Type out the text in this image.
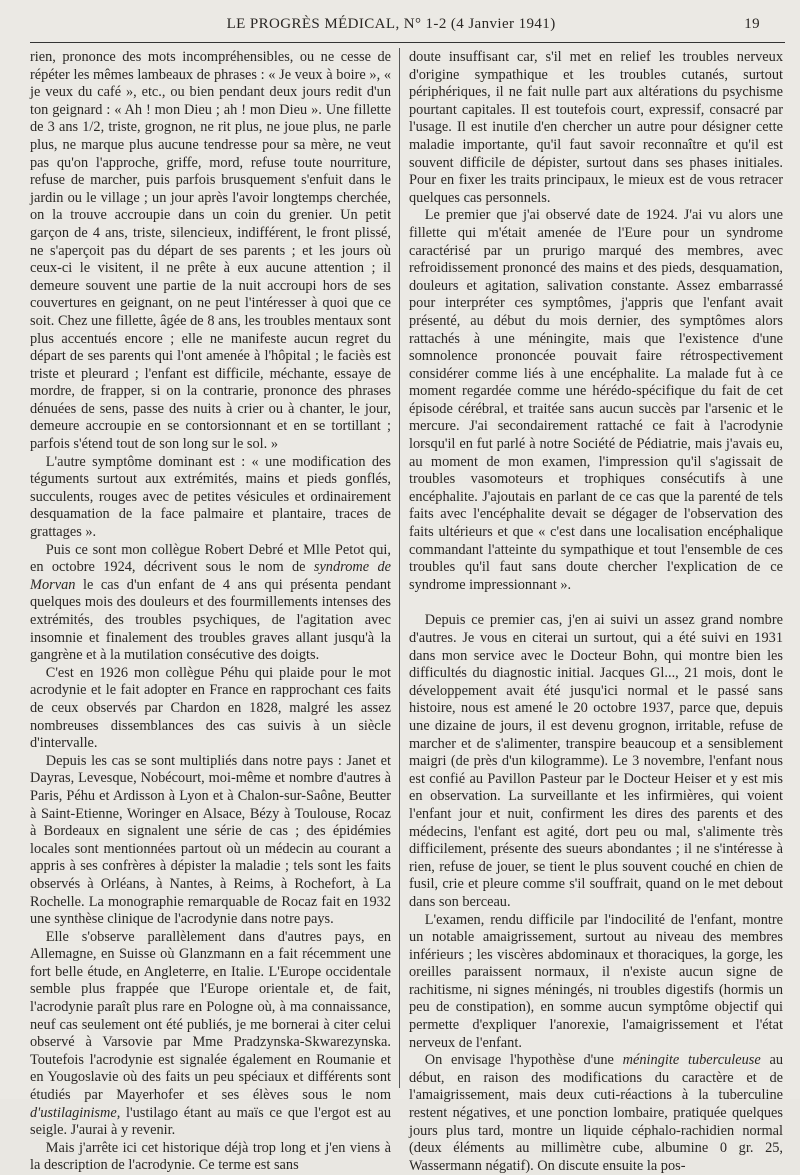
LE PROGRÈS MÉDICAL, N° 1-2 (4 Janvier 1941)	19

rien, prononce des mots incompréhensibles, ou ne cesse de répéter les mêmes lambeaux de phrases : « Je veux à boire », « je veux du café », etc., ou bien pendant deux jours redit d'un ton geignard : « Ah ! mon Dieu ; ah ! mon Dieu ». Une fillette de 3 ans 1/2, triste, grognon, ne rit plus, ne joue plus, ne parle plus, ne marque plus aucune tendresse pour sa mère, ne veut pas qu'on l'approche, griffe, mord, refuse toute nourriture, refuse de marcher, puis parfois brusquement s'enfuit dans le jardin ou le village ; un jour après l'avoir longtemps cherchée, on la trouve accroupie dans un coin du grenier. Un petit garçon de 4 ans, triste, silencieux, indifférent, le front plissé, ne s'aperçoit pas du départ de ses parents ; et les jours où ceux-ci le visitent, il ne prête à eux aucune attention ; il demeure souvent une partie de la nuit accroupi hors de ses couvertures en geignant, on ne peut l'intéresser à quoi que ce soit. Chez une fillette, âgée de 8 ans, les troubles mentaux sont plus accentués encore ; elle ne manifeste aucun regret du départ de ses parents qui l'ont amenée à l'hôpital ; le faciès est triste et pleurard ; l'enfant est difficile, méchante, essaye de mordre, de frapper, si on la contrarie, prononce des phrases dénuées de sens, passe des nuits à crier ou à chanter, le jour, demeure accroupie en se contorsionnant et en se tortillant ; parfois s'étend tout de son long sur le sol. »

L'autre symptôme dominant est : « une modification des téguments surtout aux extrémités, mains et pieds gonflés, succulents, rouges avec de petites vésicules et ordinairement desquamation de la face palmaire et plantaire, traces de grattages ».

Puis ce sont mon collègue Robert Debré et Mlle Petot qui, en octobre 1924, décrivent sous le nom de syndrome de Morvan le cas d'un enfant de 4 ans qui présenta pendant quelques mois des douleurs et des fourmillements intenses des extrémités, des troubles psychiques, de l'agitation avec insomnie et finalement des troubles graves allant jusqu'à la gangrène et à la mutilation consécutive des doigts.

C'est en 1926 mon collègue Péhu qui plaide pour le mot acrodynie et le fait adopter en France en rapprochant ces faits de ceux observés par Chardon en 1828, malgré les assez nombreuses dissemblances des cas suivis à un siècle d'intervalle.

Depuis les cas se sont multipliés dans notre pays : Janet et Dayras, Levesque, Nobécourt, moi-même et nombre d'autres à Paris, Péhu et Ardisson à Lyon et à Chalon-sur-Saône, Beutter à Saint-Etienne, Woringer en Alsace, Bézy à Toulouse, Rocaz à Bordeaux en signalent une série de cas ; des épidémies locales sont mentionnées partout où un médecin au courant a appris à ses confrères à dépister la maladie ; tels sont les faits observés à Orléans, à Nantes, à Reims, à Rochefort, à La Rochelle. La monographie remarquable de Rocaz fait en 1932 une synthèse clinique de l'acrodynie dans notre pays.

Elle s'observe parallèlement dans d'autres pays, en Allemagne, en Suisse où Glanzmann en a fait récemment une fort belle étude, en Angleterre, en Italie. L'Europe occidentale semble plus frappée que l'Europe orientale et, de fait, l'acrodynie paraît plus rare en Pologne où, à ma connaissance, neuf cas seulement ont été publiés, je me bornerai à citer celui observé à Varsovie par Mme Pradzynska-Skwarezynska. Toutefois l'acrodynie est signalée également en Roumanie et en Yougoslavie où des faits un peu spéciaux et différents sont étudiés par Mayerhofer et ses élèves sous le nom d'ustilaginisme, l'ustilago étant au maïs ce que l'ergot est au seigle. J'aurai à y revenir.

Mais j'arrête ici cet historique déjà trop long et j'en viens à la description de l'acrodynie. Ce terme est sans

doute insuffisant car, s'il met en relief les troubles nerveux d'origine sympathique et les troubles cutanés, surtout périphériques, il ne fait nulle part aux altérations du psychisme pourtant capitales. Il est toutefois court, expressif, consacré par l'usage. Il est inutile d'en chercher un autre pour désigner cette maladie importante, qu'il faut savoir reconnaître et qu'il est souvent difficile de dépister, surtout dans ses phases initiales. Pour en fixer les traits principaux, le mieux est de vous retracer quelques cas personnels.

Le premier que j'ai observé date de 1924. J'ai vu alors une fillette qui m'était amenée de l'Eure pour un syndrome caractérisé par un prurigo marqué des membres, avec refroidissement prononcé des mains et des pieds, desquamation, douleurs et agitation, salivation constante. Assez embarrassé pour interpréter ces symptômes, j'appris que l'enfant avait présenté, au début du mois dernier, des symptômes alors rattachés à une méningite, mais que l'existence d'une somnolence prononcée pouvait faire rétrospectivement considérer comme liés à une encéphalite. La malade fut à ce moment regardée comme une hérédo-spécifique du fait de cet épisode cérébral, et traitée sans aucun succès par l'arsenic et le mercure. J'ai secondairement rattaché ce fait à l'acrodynie lorsqu'il en fut parlé à notre Société de Pédiatrie, mais j'avais eu, au moment de mon examen, l'impression qu'il s'agissait de troubles vasomoteurs et trophiques consécutifs à une encéphalite. J'ajoutais en parlant de ce cas que la parenté de tels faits avec l'encéphalite devait se dégager de l'observation des faits ultérieurs et que « c'est dans une localisation encéphalique commandant l'atteinte du sympathique et tout l'ensemble de ces troubles qu'il faut sans doute chercher l'explication de ce syndrome impressionnant ».

Depuis ce premier cas, j'en ai suivi un assez grand nombre d'autres. Je vous en citerai un surtout, qui a été suivi en 1931 dans mon service avec le Docteur Bohn, qui montre bien les difficultés du diagnostic initial. Jacques Gl..., 21 mois, dont le développement avait été jusqu'ici normal et le passé sans histoire, nous est amené le 20 octobre 1937, parce que, depuis une dizaine de jours, il est devenu grognon, irritable, refuse de marcher et de s'alimenter, transpire beaucoup et a sensiblement maigri (de près d'un kilogramme). Le 3 novembre, l'enfant nous est confié au Pavillon Pasteur par le Docteur Heiser et y est mis en observation. La surveillante et les infirmières, qui voient l'enfant jour et nuit, confirment les dires des parents et des médecins, l'enfant est agité, dort peu ou mal, s'alimente très difficilement, présente des sueurs abondantes ; il ne s'intéresse à rien, refuse de jouer, se tient le plus souvent couché en chien de fusil, crie et pleure comme s'il souffrait, quand on le met debout dans son berceau.

L'examen, rendu difficile par l'indocilité de l'enfant, montre un notable amaigrissement, surtout au niveau des membres inférieurs ; les viscères abdominaux et thoraciques, la gorge, les oreilles paraissent normaux, il n'existe aucun signe de rachitisme, ni signes méningés, ni troubles digestifs (hormis un peu de constipation), en somme aucun symptôme objectif qui permette d'expliquer l'anorexie, l'amaigrissement et l'état nerveux de l'enfant.

On envisage l'hypothèse d'une méningite tuberculeuse au début, en raison des modifications du caractère et de l'amaigrissement, mais deux cuti-réactions à la tuberculine restent négatives, et une ponction lombaire, pratiquée quelques jours plus tard, montre un liquide céphalo-rachidien normal (deux éléments au millimètre cube, albumine 0 gr. 25, Wassermann négatif). On discute ensuite la pos-
